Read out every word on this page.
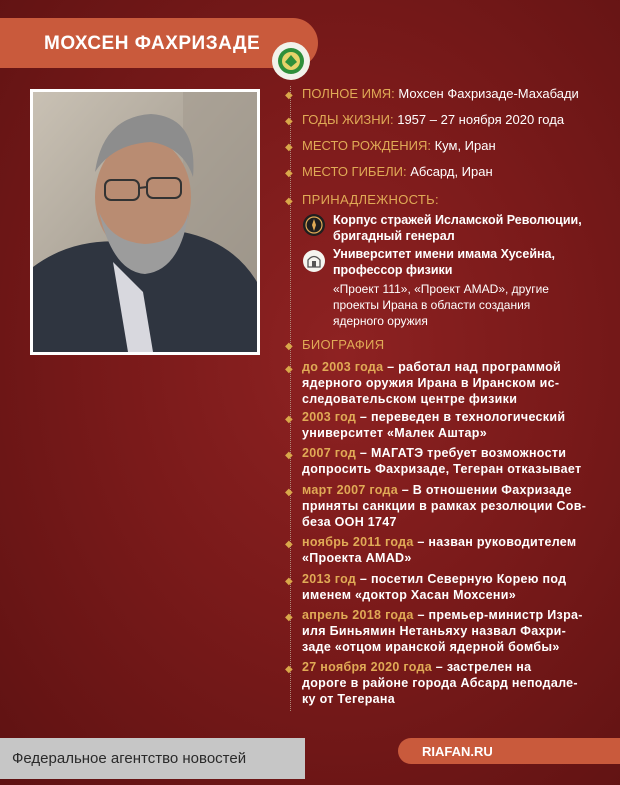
МОХСЕН ФАХРИЗАДЕ
◆ ПОЛНОЕ ИМЯ: Мохсен Фахризаде-Махабади
◆ ГОДЫ ЖИЗНИ: 1957 – 27 ноября 2020 года
◆ МЕСТО РОЖДЕНИЯ: Кум, Иран
◆ МЕСТО ГИБЕЛИ: Абсард, Иран
◆ ПРИНАДЛЕЖНОСТЬ:
Корпус стражей Исламской Революции,
бригадный генерал
Университет имени имама Хусейна,
профессор физики
«Проект 111», «Проект AMAD», другие
проекты Ирана в области создания
ядерного оружия
◆ БИОГРАФИЯ
◆ до 2003 года – работал над программой
ядерного оружия Ирана в Иранском ис-
следовательском центре физики
◆ 2003 год – переведен в технологический
университет «Малек Аштар»
◆ 2007 год – МАГАТЭ требует возможности
допросить Фахризаде, Тегеран отказывает
◆ март 2007 года – В отношении Фахризаде
приняты санкции в рамках резолюции Сов-
беза ООН 1747
◆ ноябрь 2011 года – назван руководителем
«Проекта AMAD»
◆ 2013 год – посетил Северную Корею под
именем «доктор Хасан Мохсени»
◆ апрель 2018 года – премьер-министр Изра-
иля Биньямин Нетаньяху назвал Фахри-
заде «отцом иранской ядерной бомбы»
◆ 27 ноября 2020 года – застрелен на
дороге в районе города Абсард неподале-
ку от Тегерана
Федеральное агентство новостей	RIAFAN.RU
